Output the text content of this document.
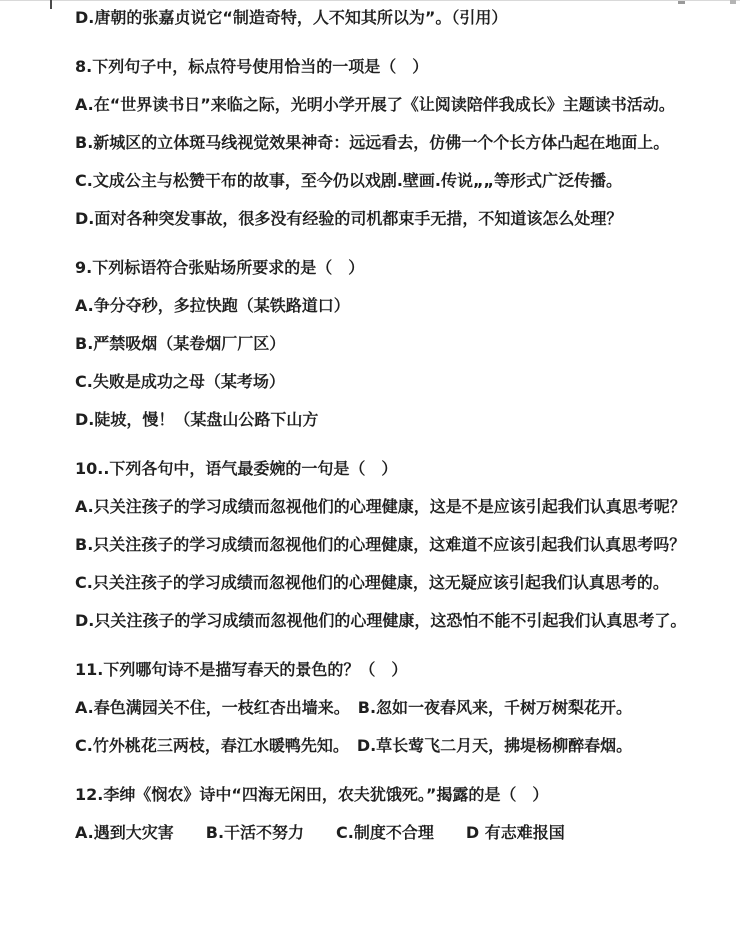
D.唐朝的张嘉贞说它“制造奇特，人不知其所以为”。（引用）

8.下列句子中，标点符号使用恰当的一项是（　）

A.在“世界读书日”来临之际，光明小学开展了《让阅读陪伴我成长》主题读书活动。

B.新城区的立体斑马线视觉效果神奇：远远看去，仿佛一个个长方体凸起在地面上。

C.文成公主与松赞干布的故事，至今仍以戏剧.壁画.传说„„等形式广泛传播。

D.面对各种突发事故，很多没有经验的司机都束手无措，不知道该怎么处理？

9.下列标语符合张贴场所要求的是（　）

A.争分夺秒，多拉快跑（某铁路道口）

B.严禁吸烟（某卷烟厂厂区）

C.失败是成功之母（某考场）

D.陡坡，慢！（某盘山公路下山方

10..下列各句中，语气最委婉的一句是（　）

A.只关注孩子的学习成绩而忽视他们的心理健康，这是不是应该引起我们认真思考呢？

B.只关注孩子的学习成绩而忽视他们的心理健康，这难道不应该引起我们认真思考吗？

C.只关注孩子的学习成绩而忽视他们的心理健康，这无疑应该引起我们认真思考的。

D.只关注孩子的学习成绩而忽视他们的心理健康，这恐怕不能不引起我们认真思考了。

11.下列哪句诗不是描写春天的景色的？（　）

A.春色满园关不住，一枝红杏出墙来。　B.忽如一夜春风来，千树万树梨花开。

C.竹外桃花三两枝，春江水暖鸭先知。　D.草长莺飞二月天，拂堤杨柳醉春烟。

12.李绅《悯农》诗中“四海无闲田，农夫犹饿死。”揭露的是（　）

A.遇到大灾害　　B.干活不努力　　C.制度不合理　　D 有志难报国
